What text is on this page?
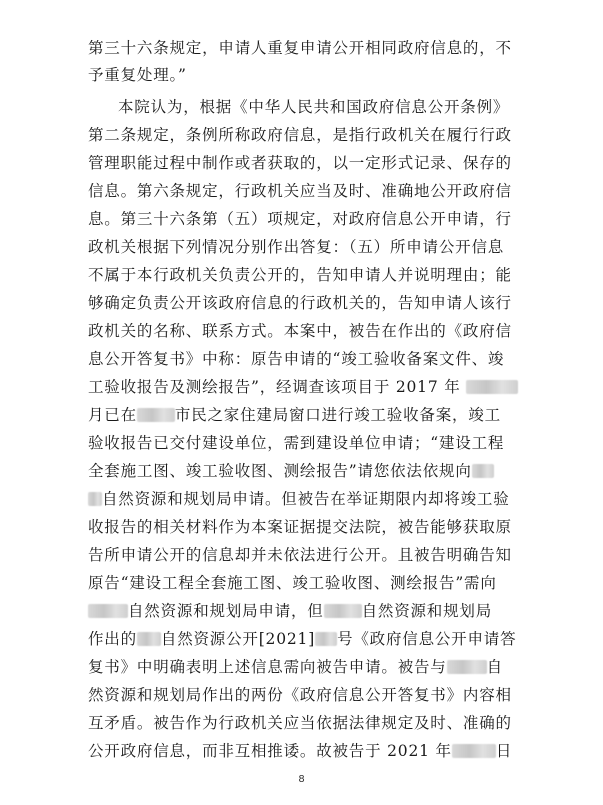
第三十六条规定，申请人重复申请公开相同政府信息的，不
予重复处理。”
本院认为，根据《中华人民共和国政府信息公开条例》
第二条规定，条例所称政府信息，是指行政机关在履行行政
管理职能过程中制作或者获取的，以一定形式记录、保存的
信息。第六条规定，行政机关应当及时、准确地公开政府信
息。第三十六条第（五）项规定，对政府信息公开申请，行
政机关根据下列情况分别作出答复：（五）所申请公开信息
不属于本行政机关负责公开的，告知申请人并说明理由；能
够确定负责公开该政府信息的行政机关的，告知申请人该行
政机关的名称、联系方式。本案中，被告在作出的《政府信
息公开答复书》中称：原告申请的“竣工验收备案文件、竣
工验收报告及测绘报告”，经调查该项目于 2017 年
月已在 市民之家住建局窗口进行竣工验收备案，竣工
验收报告已交付建设单位，需到建设单位申请；“建设工程
全套施工图、竣工验收图、测绘报告”请您依法依规向
自然资源和规划局申请。但被告在举证期限内却将竣工验
收报告的相关材料作为本案证据提交法院，被告能够获取原
告所申请公开的信息却并未依法进行公开。且被告明确告知
原告“建设工程全套施工图、竣工验收图、测绘报告”需向
自然资源和规划局申请，但 自然资源和规划局
作出的 自然资源公开[2021] 号《政府信息公开申请答
复书》中明确表明上述信息需向被告申请。被告与	自
然资源和规划局作出的两份《政府信息公开答复书》内容相
互矛盾。被告作为行政机关应当依据法律规定及时、准确的
公开政府信息，而非互相推诿。故被告于 2021 年	日
8
